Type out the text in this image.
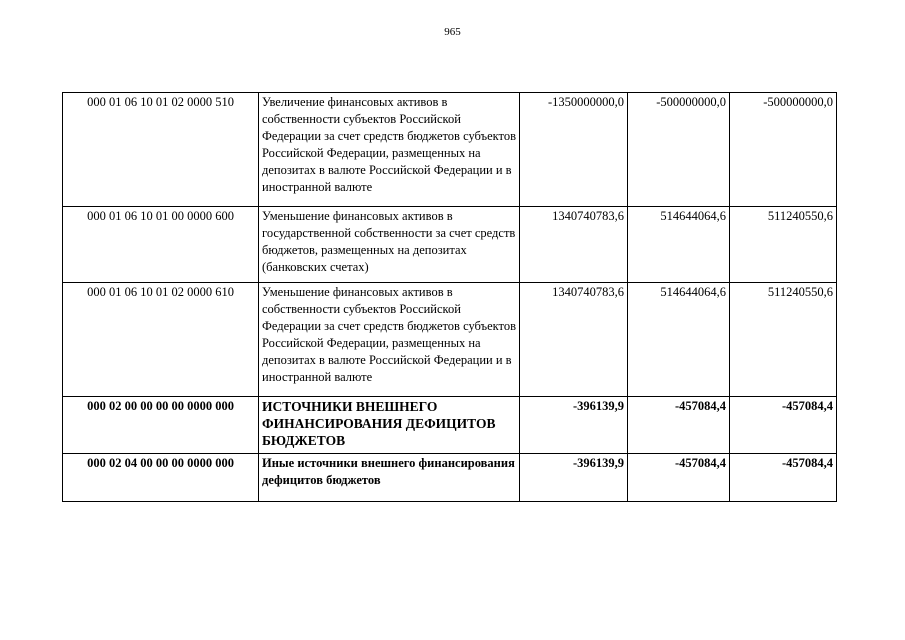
965
000 01 06 10 01 02 0000 510	Увеличение финансовых активов в собственности субъектов Российской Федерации за счет средств бюджетов субъектов Российской Федерации, размещенных на депозитах в валюте Российской Федерации и в иностранной валюте	-1350000000,0	-500000000,0	-500000000,0
000 01 06 10 01 00 0000 600	Уменьшение финансовых активов в государственной собственности за счет средств бюджетов, размещенных на депозитах (банковских счетах)	1340740783,6	514644064,6	511240550,6
000 01 06 10 01 02 0000 610	Уменьшение финансовых активов в собственности субъектов Российской Федерации за счет средств бюджетов субъектов Российской Федерации, размещенных на депозитах в валюте Российской Федерации и в иностранной валюте	1340740783,6	514644064,6	511240550,6
000 02 00 00 00 00 0000 000	ИСТОЧНИКИ ВНЕШНЕГО ФИНАНСИРОВАНИЯ ДЕФИЦИТОВ БЮДЖЕТОВ	-396139,9	-457084,4	-457084,4
000 02 04 00 00 00 0000 000	Иные источники внешнего финансирования дефицитов бюджетов	-396139,9	-457084,4	-457084,4
